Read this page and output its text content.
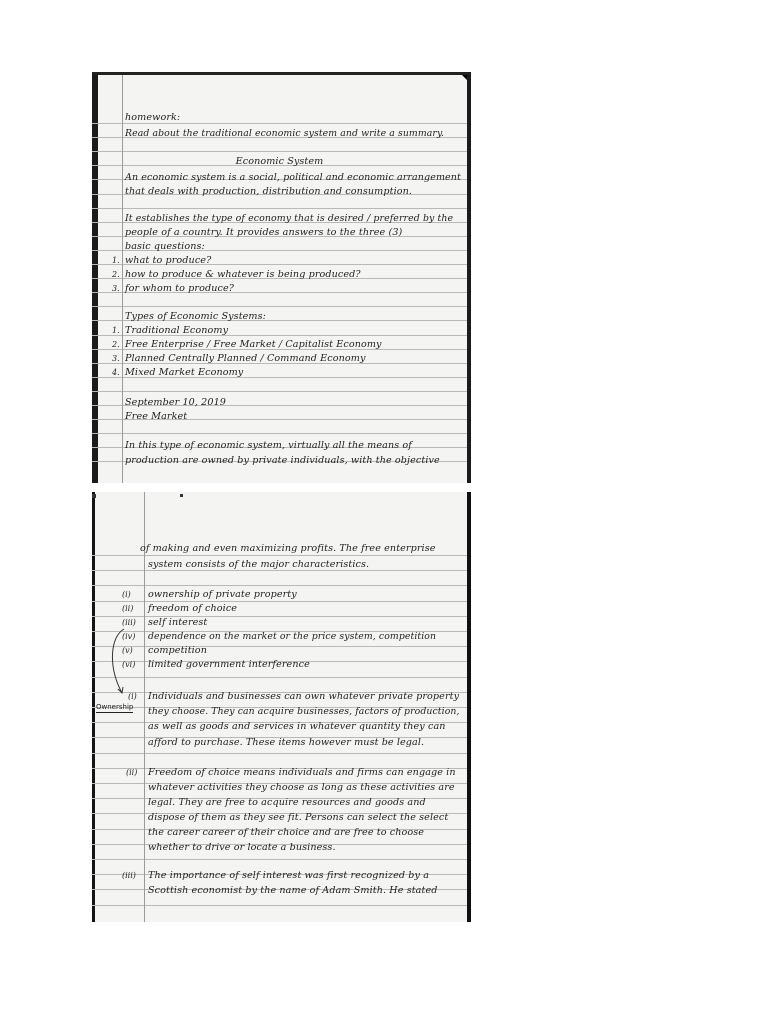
homework:
Read about the traditional economic system and write a summary.
Economic System
An economic system is a social, political and economic arrangement
that deals with production, distribution and consumption.
It establishes the type of economy that is desired / preferred by the
people of a country. It provides answers to the three (3)
basic questions:
1. what to produce?
2. how to produce & whatever is being produced?
3. for whom to produce?
Types of Economic Systems:
1. Traditional Economy
2. Free Enterprise / Free Market / Capitalist Economy
3. Planned Centrally Planned / Command Economy
4. Mixed Market Economy
September 10, 2019
Free Market
In this type of economic system, virtually all the means of
production are owned by private individuals, with the objective
of making and even maximizing profits. The free enterprise
system consists of the major characteristics.
(i) ownership of private property
(ii) freedom of choice
(iii) self interest
(iv) dependence on the market or the price system, competition
(v) competition
(vi) limited government interference
Ownership
(i) Individuals and businesses can own whatever private property
they choose. They can acquire businesses, factors of production,
as well as goods and services in whatever quantity they can
afford to purchase. These items however must be legal.
(ii) Freedom of choice means individuals and firms can engage in
whatever activities they choose as long as these activities are
legal. They are free to acquire resources and goods and
dispose of them as they see fit. Persons can select the select
the career career of their choice and are free to choose
whether to drive or locate a business.
(iii) The importance of self interest was first recognized by a
Scottish economist by the name of Adam Smith. He stated
